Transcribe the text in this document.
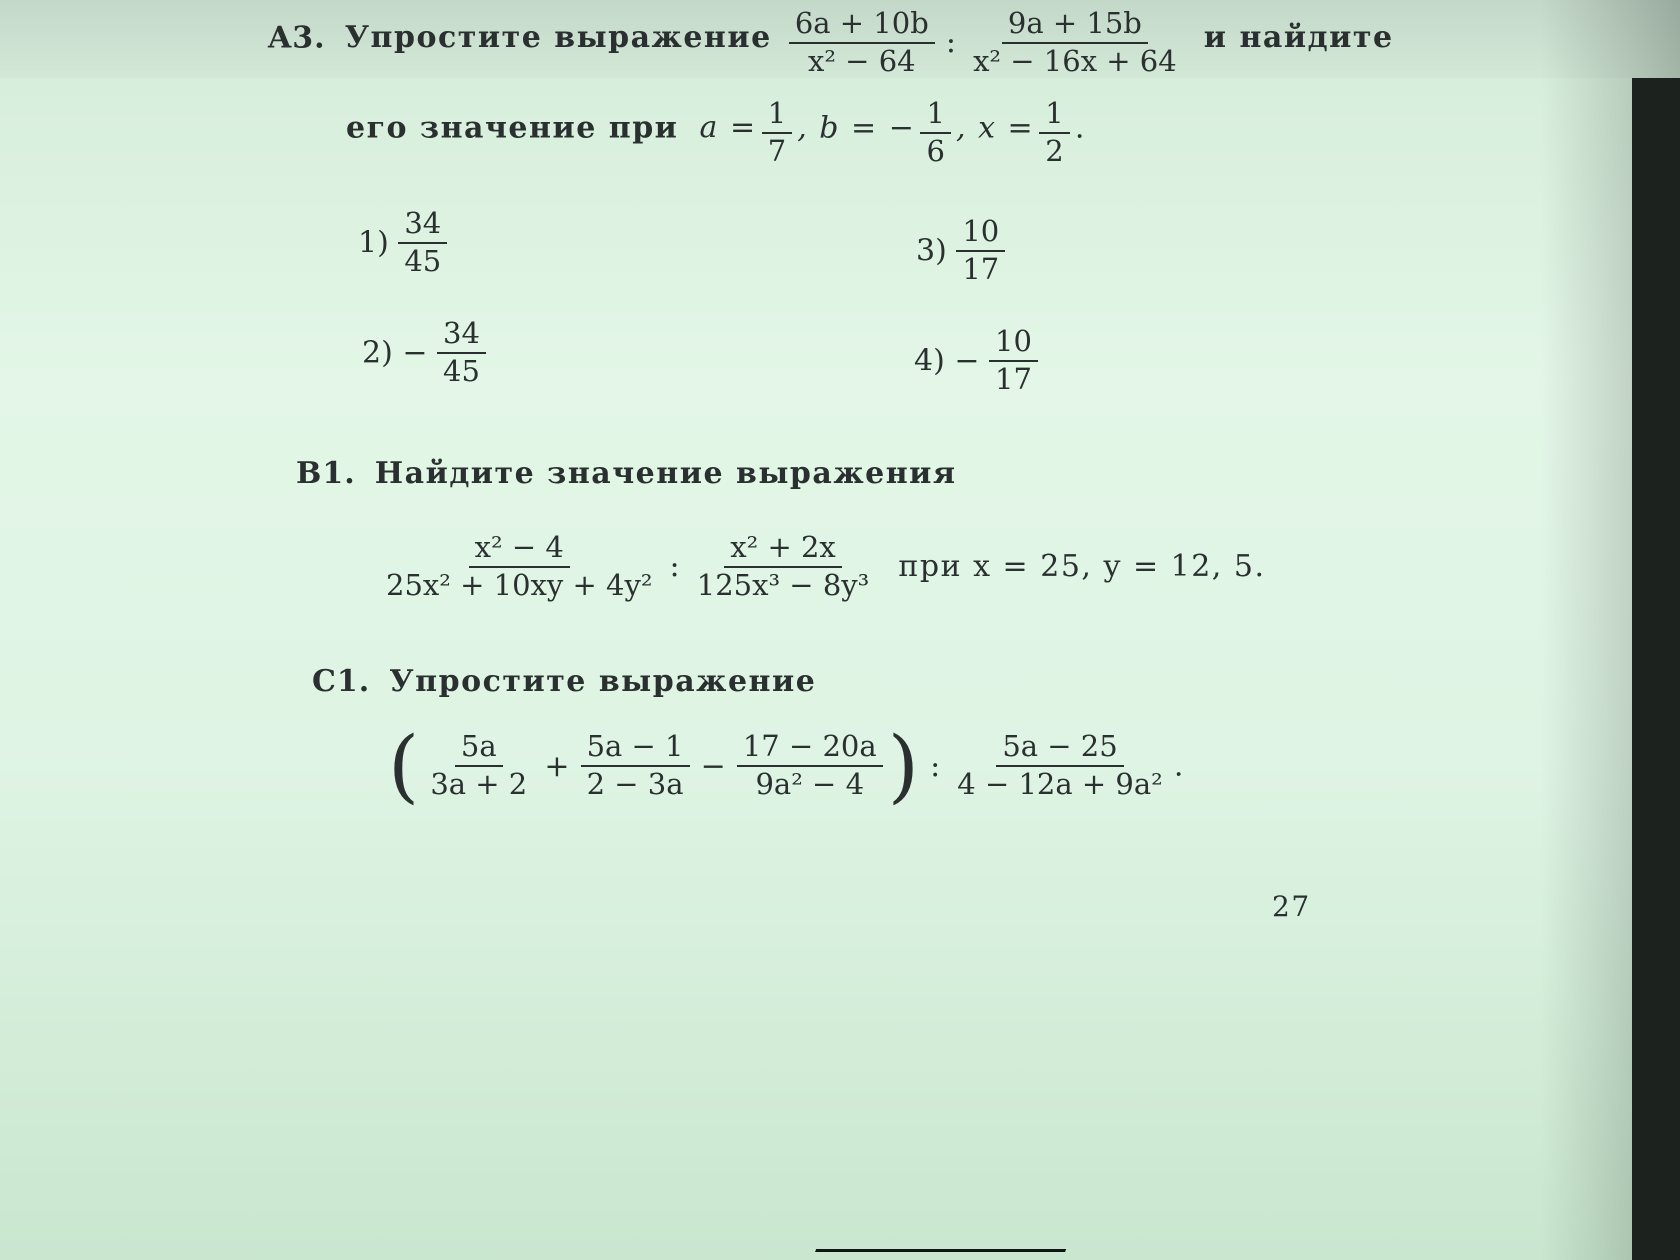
A3. Упростите выражение $\frac{6a + 10b}{\text{x² − 64}}$ : $\frac{9a + 15b}{\text{x² − 16x + 64}}$ и найдите
его значение при $a = \frac{1}{7}$ , b = − $\frac{1}{6}$ , $x = \frac{1}{2}$ .
$1) \frac{34}{45}$
$2) - \frac{34}{45}$
$3) \frac{10}{17}$
$4) - \frac{10}{17}$
B1. Найдите значение выражения
$\frac{\text{x² − 4}}{\text{25x² + 10xy + 4y²}}$ : $\frac{\text{x² + 2x}}{\text{125x³ − 8y³}}$ при x = 25, y = 12, 5.
C1. Упростите выражение
( $\frac{5a}{3a + 2} + \frac{5a - 1}{2 - 3a} - \frac{17 - 20a}{\text{9a² − 4}}$ ) : $\frac{5a - 25}{\text{4 − 12a + 9a²}}$ .
27
